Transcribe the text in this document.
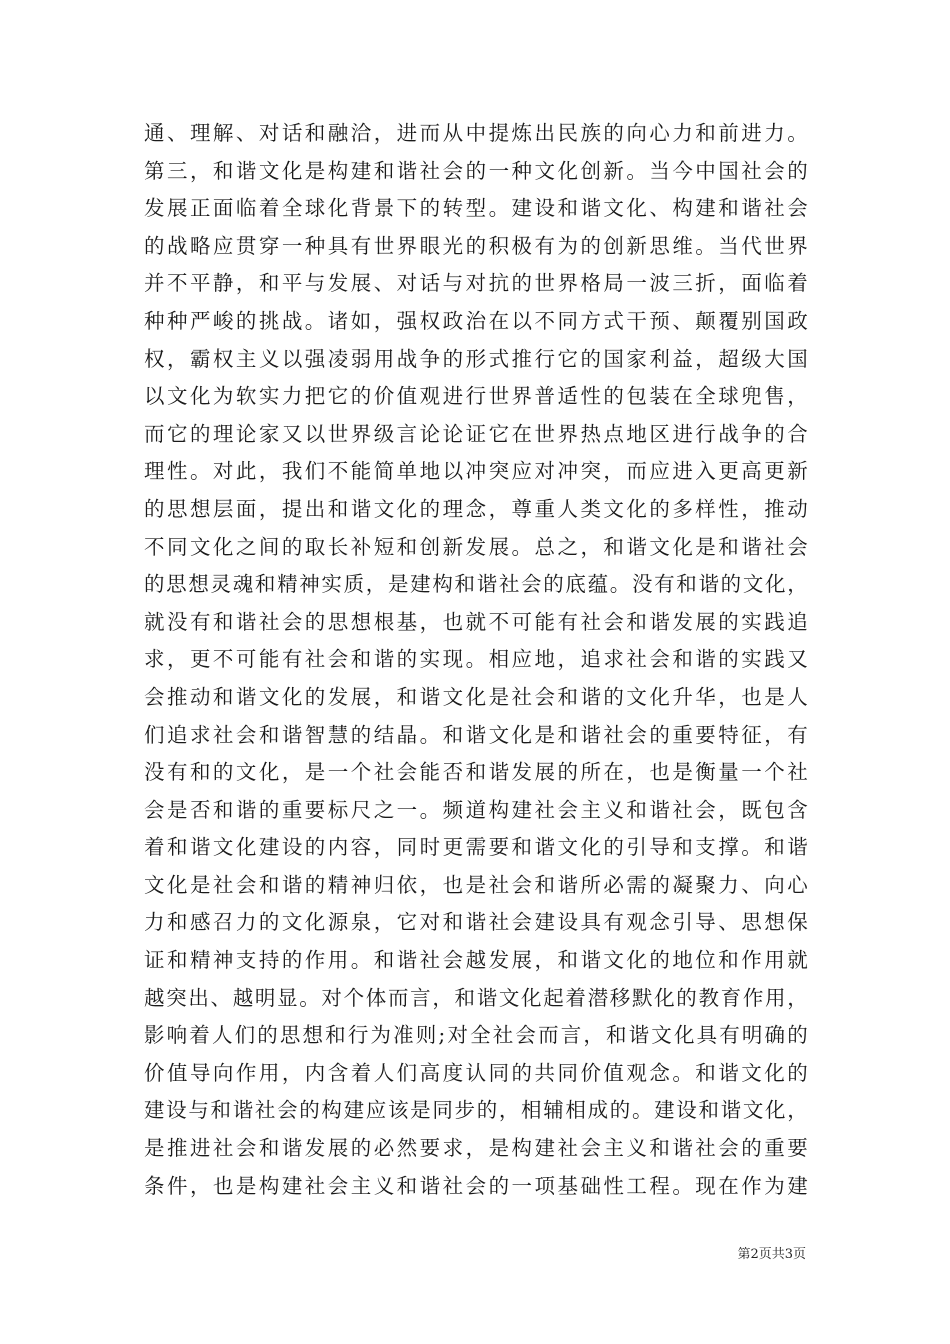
通、理解、对话和融洽，进而从中提炼出民族的向心力和前进力。
第三，和谐文化是构建和谐社会的一种文化创新。当今中国社会的
发展正面临着全球化背景下的转型。建设和谐文化、构建和谐社会
的战略应贯穿一种具有世界眼光的积极有为的创新思维。当代世界
并不平静，和平与发展、对话与对抗的世界格局一波三折，面临着
种种严峻的挑战。诸如，强权政治在以不同方式干预、颠覆别国政
权，霸权主义以强凌弱用战争的形式推行它的国家利益，超级大国
以文化为软实力把它的价值观进行世界普适性的包装在全球兜售，
而它的理论家又以世界级言论论证它在世界热点地区进行战争的合
理性。对此，我们不能简单地以冲突应对冲突，而应进入更高更新
的思想层面，提出和谐文化的理念，尊重人类文化的多样性，推动
不同文化之间的取长补短和创新发展。总之，和谐文化是和谐社会
的思想灵魂和精神实质，是建构和谐社会的底蕴。没有和谐的文化，
就没有和谐社会的思想根基，也就不可能有社会和谐发展的实践追
求，更不可能有社会和谐的实现。相应地，追求社会和谐的实践又
会推动和谐文化的发展，和谐文化是社会和谐的文化升华，也是人
们追求社会和谐智慧的结晶。和谐文化是和谐社会的重要特征，有
没有和的文化，是一个社会能否和谐发展的所在，也是衡量一个社
会是否和谐的重要标尺之一。频道构建社会主义和谐社会，既包含
着和谐文化建设的内容，同时更需要和谐文化的引导和支撑。和谐
文化是社会和谐的精神归依，也是社会和谐所必需的凝聚力、向心
力和感召力的文化源泉，它对和谐社会建设具有观念引导、思想保
证和精神支持的作用。和谐社会越发展，和谐文化的地位和作用就
越突出、越明显。对个体而言，和谐文化起着潜移默化的教育作用，
影响着人们的思想和行为准则;对全社会而言，和谐文化具有明确的
价值导向作用，内含着人们高度认同的共同价值观念。和谐文化的
建设与和谐社会的构建应该是同步的，相辅相成的。建设和谐文化，
是推进社会和谐发展的必然要求，是构建社会主义和谐社会的重要
条件，也是构建社会主义和谐社会的一项基础性工程。现在作为建
第2页共3页
